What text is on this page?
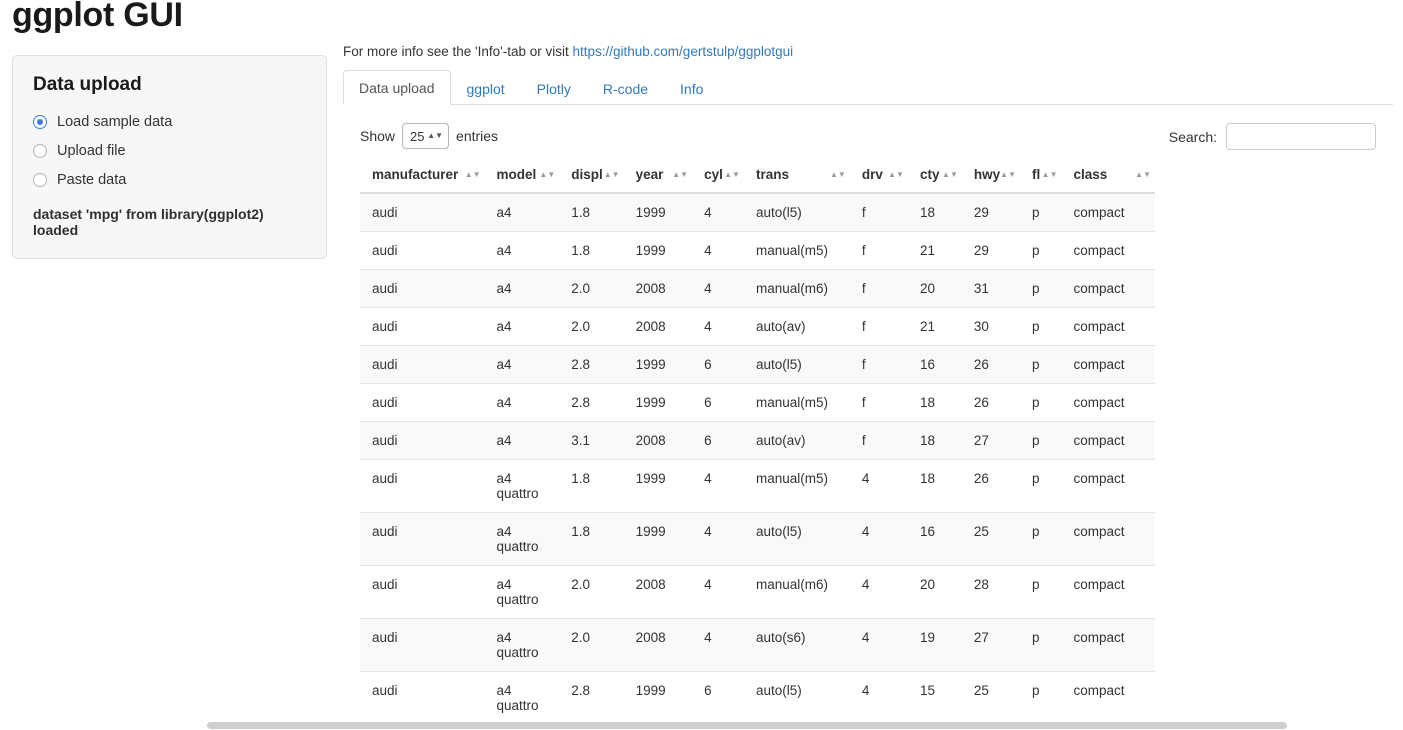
ggplot GUI
Data upload
Load sample data
Upload file
Paste data
dataset 'mpg' from library(ggplot2) loaded
For more info see the 'Info'-tab or visit https://github.com/gertstulp/ggplotgui
Data upload	ggplot	Plotly	R-code	Info
Show 25 ▲▼ entries	Search:
manufacturer ▲▼	model ▲▼	displ ▲▼	year ▲▼	cyl ▲▼	trans ▲▼	drv ▲▼	cty ▲▼	hwy ▲▼	fl ▲▼	class ▲▼

audi	a4	1.8	1999	4	auto(l5)	f	18	29	p	compact
audi	a4	1.8	1999	4	manual(m5)	f	21	29	p	compact
audi	a4	2.0	2008	4	manual(m6)	f	20	31	p	compact
audi	a4	2.0	2008	4	auto(av)	f	21	30	p	compact
audi	a4	2.8	1999	6	auto(l5)	f	16	26	p	compact
audi	a4	2.8	1999	6	manual(m5)	f	18	26	p	compact
audi	a4	3.1	2008	6	auto(av)	f	18	27	p	compact
audi	a4 quattro	1.8	1999	4	manual(m5)	4	18	26	p	compact
audi	a4 quattro	1.8	1999	4	auto(l5)	4	16	25	p	compact
audi	a4 quattro	2.0	2008	4	manual(m6)	4	20	28	p	compact
audi	a4 quattro	2.0	2008	4	auto(s6)	4	19	27	p	compact
audi	a4 quattro	2.8	1999	6	auto(l5)	4	15	25	p	compact
